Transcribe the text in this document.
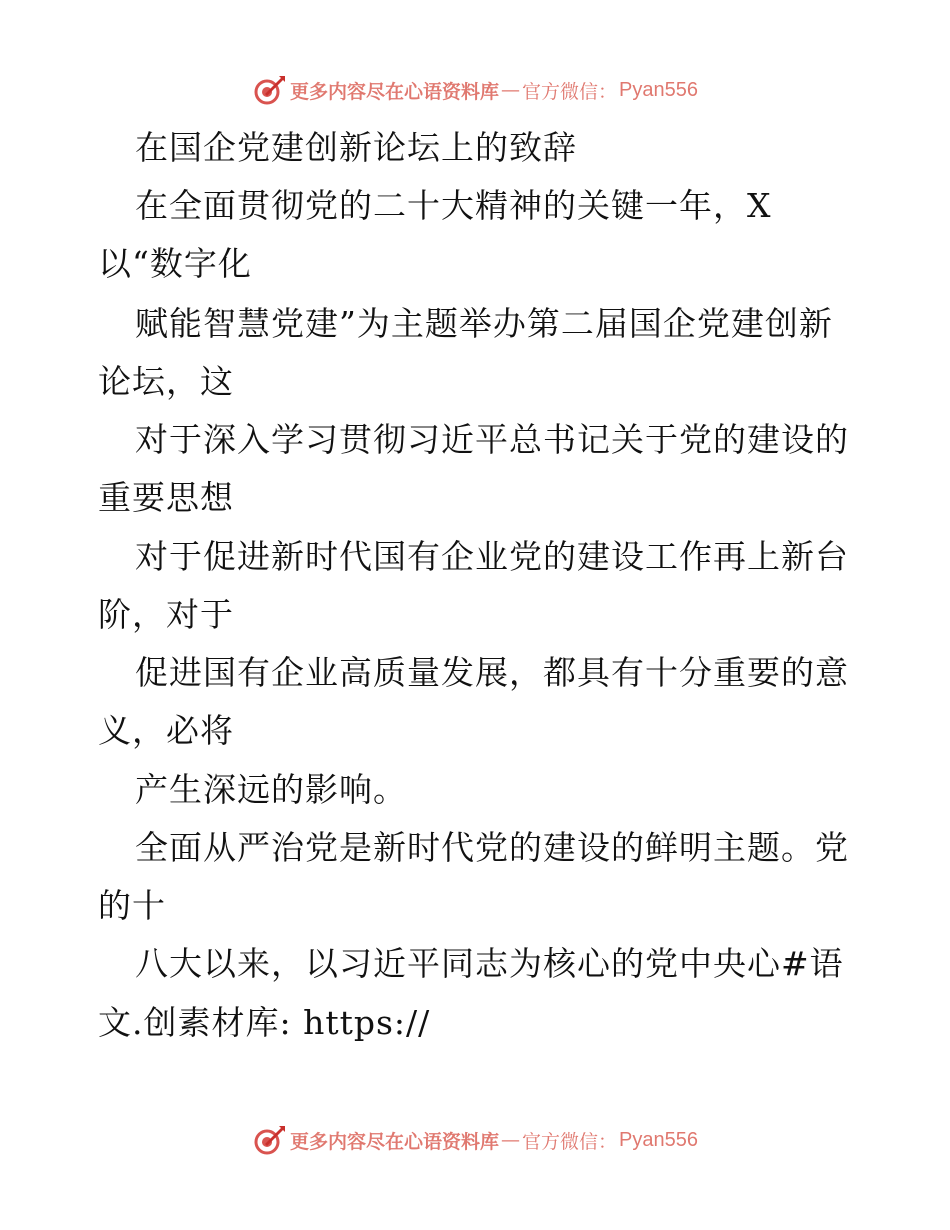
更多内容尽在心语资料库 — 官方微信： Pyan556
在国企党建创新论坛上的致辞
在全面贯彻党的二十大精神的关键一年，X
以“数字化
赋能智慧党建”为主题举办第二届国企党建创新
论坛，这
对于深入学习贯彻习近平总书记关于党的建设的
重要思想
对于促进新时代国有企业党的建设工作再上新台
阶，对于
促进国有企业高质量发展，都具有十分重要的意
义，必将
产生深远的影响。
全面从严治党是新时代党的建设的鲜明主题。党
的十
八大以来，以习近平同志为核心的党中央心#语
文.创素材库: https://
更多内容尽在心语资料库 — 官方微信： Pyan556
